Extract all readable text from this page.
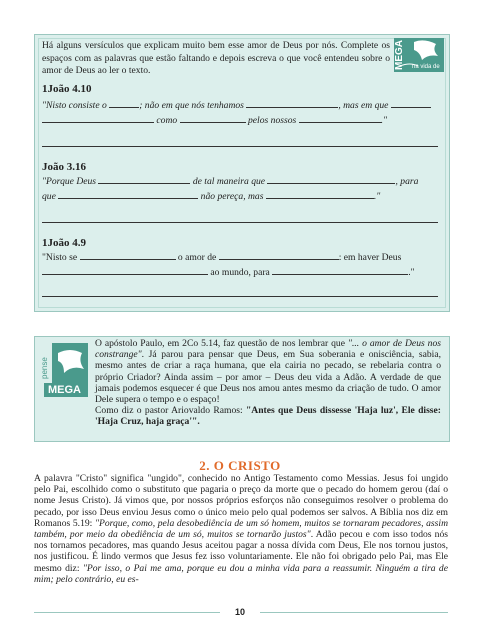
Há alguns versículos que explicam muito bem esse amor de Deus por nós. Complete os espaços com as palavras que estão faltando e depois escreva o que você entendeu sobre o amor de Deus ao ler o texto.

MEGA na vida de
1João 4.10
"Nisto consiste o	; não em que nós tenhamos	, mas em que
como	pelos nossos	."
João 3.16
"Porque Deus	de tal maneira que	, para
que	não pereça, mas	."
1João 4.9
"Nisto se	o amor de	: em haver Deus
ao mundo, para	."
pense
MEGA
O apóstolo Paulo, em 2Co 5.14, faz questão de nos lembrar que "... o amor de Deus nos constrange". Já parou para pensar que Deus, em Sua soberania e onisciência, sabia, mesmo antes de criar a raça humana, que ela cairia no pecado, se rebelaria contra o próprio Criador? Ainda assim – por amor – Deus deu vida a Adão. A verdade de que jamais podemos esquecer é que Deus nos amou antes mesmo da criação de tudo. O amor Dele supera o tempo e o espaço!
Como diz o pastor Ariovaldo Ramos: "Antes que Deus dissesse 'Haja luz', Ele disse: 'Haja Cruz, haja graça'".
2. O CRISTO
A palavra "Cristo" significa "ungido", conhecido no Antigo Testamento como Messias. Jesus foi ungido pelo Pai, escolhido como o substituto que pagaria o preço da morte que o pecado do homem gerou (daí o nome Jesus Cristo). Já vimos que, por nossos próprios esforços não conseguimos resolver o problema do pecado, por isso Deus enviou Jesus como o único meio pelo qual podemos ser salvos. A Bíblia nos diz em Romanos 5.19: "Porque, como, pela desobediência de um só homem, muitos se tornaram pecadores, assim também, por meio da obediência de um só, muitos se tornarão justos". Adão pecou e com isso todos nós nos tornamos pecadores, mas quando Jesus aceitou pagar a nossa dívida com Deus, Ele nos tornou justos, nos justificou. É lindo vermos que Jesus fez isso voluntariamente. Ele não foi obrigado pelo Pai, mas Ele mesmo diz: "Por isso, o Pai me ama, porque eu dou a minha vida para a reassumir. Ninguém a tira de mim; pelo contrário, eu es-
10
